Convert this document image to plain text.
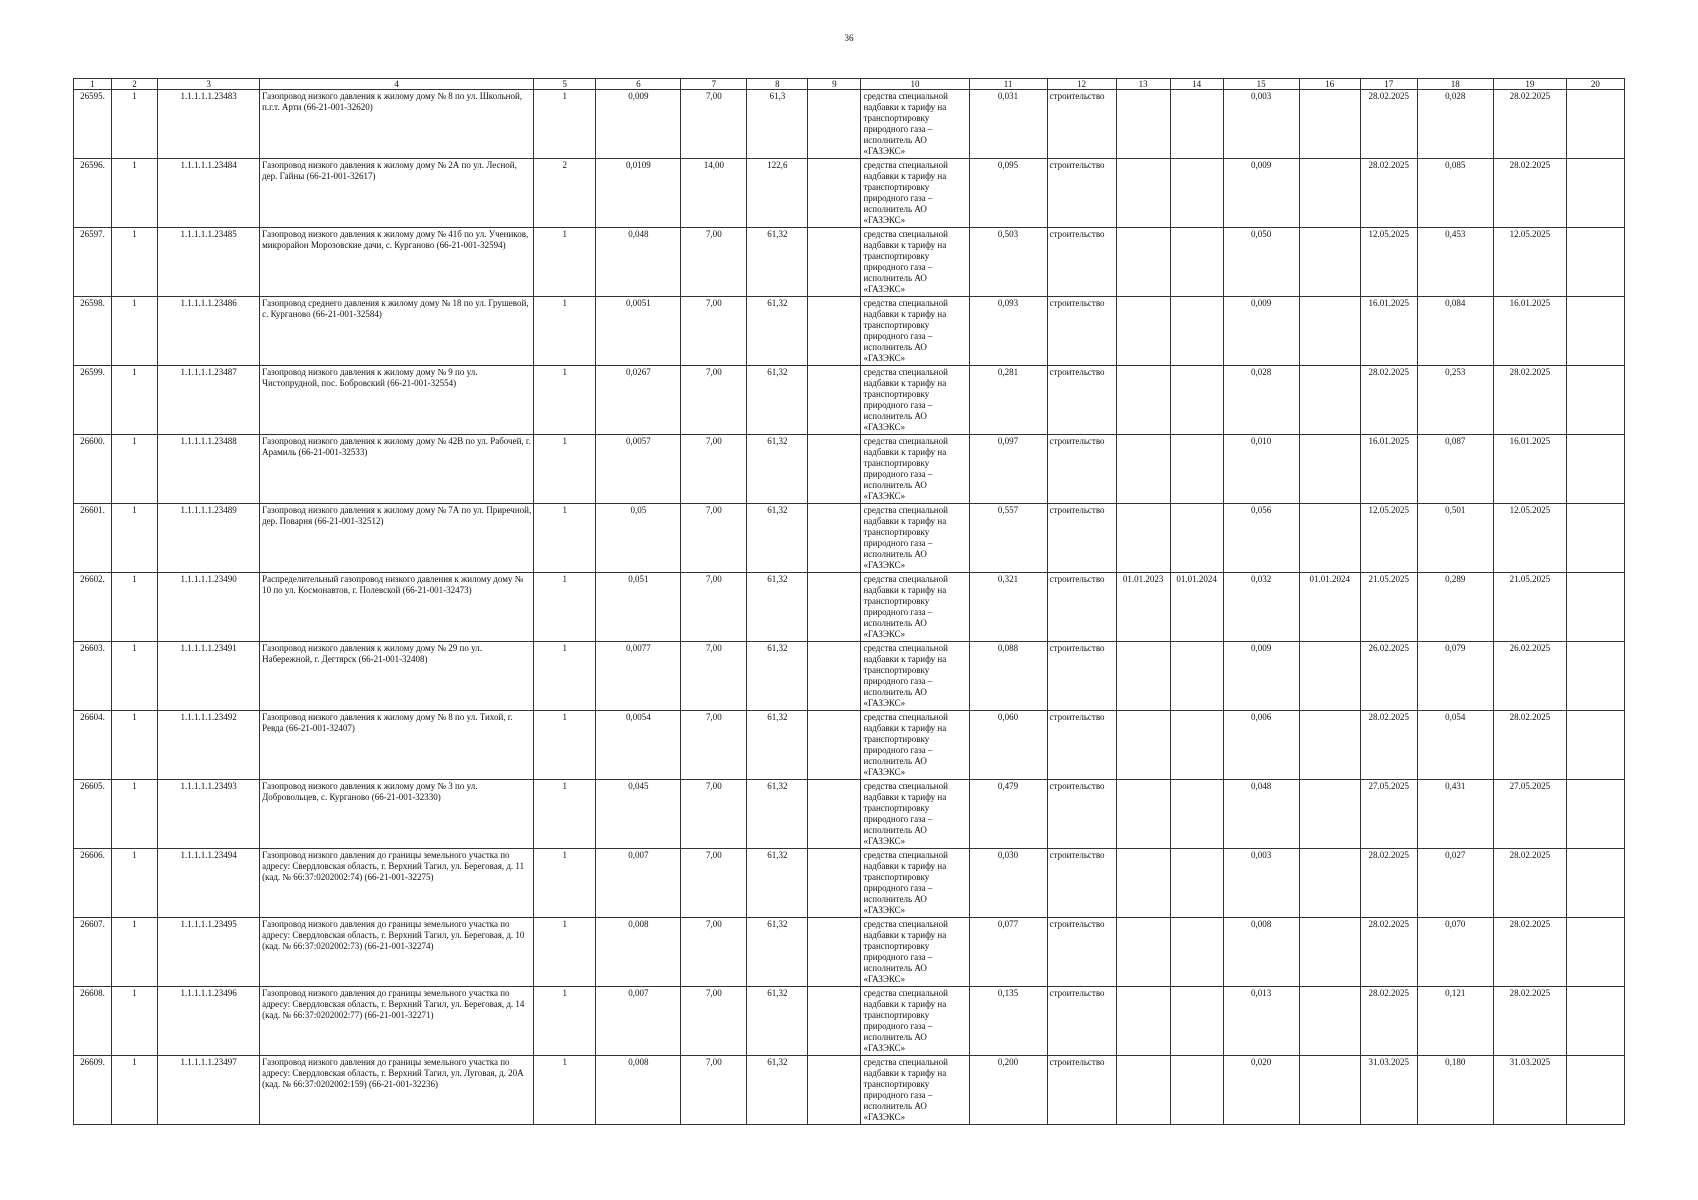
36
1	2	3	4	5	6	7	8	9	10	11	12	13	14	15	16	17	18	19	20
26595.	1	1.1.1.1.1.23483	Газопровод низкого давления к жилому дому № 8 по ул. Школьной, п.г.т. Арти (66-21-001-32620)	1	0,009	7,00	61,3		средства специальной надбавки к тарифу на транспортировку природного газа – исполнитель АО «ГАЗЭКС»	0,031	строительство			0,003		28.02.2025	0,028	28.02.2025	
26596.	1	1.1.1.1.1.23484	Газопровод низкого давления к жилому дому № 2А по ул. Лесной, дер. Гайны (66-21-001-32617)	2	0,0109	14,00	122,6		средства специальной надбавки к тарифу на транспортировку природного газа – исполнитель АО «ГАЗЭКС»	0,095	строительство			0,009		28.02.2025	0,085	28.02.2025	
26597.	1	1.1.1.1.1.23485	Газопровод низкого давления к жилому дому № 41б по ул. Учеников, микрорайон Морозовские дачи, с. Курганово (66-21-001-32594)	1	0,048	7,00	61,32		средства специальной надбавки к тарифу на транспортировку природного газа – исполнитель АО «ГАЗЭКС»	0,503	строительство			0,050		12.05.2025	0,453	12.05.2025	
26598.	1	1.1.1.1.1.23486	Газопровод среднего давления к жилому дому № 18 по ул. Грушевой, с. Курганово (66-21-001-32584)	1	0,0051	7,00	61,32		средства специальной надбавки к тарифу на транспортировку природного газа – исполнитель АО «ГАЗЭКС»	0,093	строительство			0,009		16.01.2025	0,084	16.01.2025	
26599.	1	1.1.1.1.1.23487	Газопровод низкого давления к жилому дому № 9 по ул. Чистопрудной, пос. Бобровский (66-21-001-32554)	1	0,0267	7,00	61,32		средства специальной надбавки к тарифу на транспортировку природного газа – исполнитель АО «ГАЗЭКС»	0,281	строительство			0,028		28.02.2025	0,253	28.02.2025	
26600.	1	1.1.1.1.1.23488	Газопровод низкого давления к жилому дому № 42В по ул. Рабочей, г. Арамиль (66-21-001-32533)	1	0,0057	7,00	61,32		средства специальной надбавки к тарифу на транспортировку природного газа – исполнитель АО «ГАЗЭКС»	0,097	строительство			0,010		16.01.2025	0,087	16.01.2025	
26601.	1	1.1.1.1.1.23489	Газопровод низкого давления к жилому дому № 7А по ул. Приречной, дер. Поварня (66-21-001-32512)	1	0,05	7,00	61,32		средства специальной надбавки к тарифу на транспортировку природного газа – исполнитель АО «ГАЗЭКС»	0,557	строительство			0,056		12.05.2025	0,501	12.05.2025	
26602.	1	1.1.1.1.1.23490	Распределительный газопровод низкого давления к жилому дому № 10 по ул. Космонавтов, г. Полевской (66-21-001-32473)	1	0,051	7,00	61,32		средства специальной надбавки к тарифу на транспортировку природного газа – исполнитель АО «ГАЗЭКС»	0,321	строительство	01.01.2023	01.01.2024	0,032	01.01.2024	21.05.2025	0,289	21.05.2025	
26603.	1	1.1.1.1.1.23491	Газопровод низкого давления к жилому дому № 29 по ул. Набережной, г. Дегтярск (66-21-001-32408)	1	0,0077	7,00	61,32		средства специальной надбавки к тарифу на транспортировку природного газа – исполнитель АО «ГАЗЭКС»	0,088	строительство			0,009		26.02.2025	0,079	26.02.2025	
26604.	1	1.1.1.1.1.23492	Газопровод низкого давления к жилому дому № 8 по ул. Тихой, г. Ревда (66-21-001-32407)	1	0,0054	7,00	61,32		средства специальной надбавки к тарифу на транспортировку природного газа – исполнитель АО «ГАЗЭКС»	0,060	строительство			0,006		28.02.2025	0,054	28.02.2025	
26605.	1	1.1.1.1.1.23493	Газопровод низкого давления к жилому дому № 3 по ул. Добровольцев, с. Курганово (66-21-001-32330)	1	0,045	7,00	61,32		средства специальной надбавки к тарифу на транспортировку природного газа – исполнитель АО «ГАЗЭКС»	0,479	строительство			0,048		27.05.2025	0,431	27.05.2025	
26606.	1	1.1.1.1.1.23494	Газопровод низкого давления до границы земельного участка по адресу: Свердловская область, г. Верхний Тагил, ул. Береговая, д. 11 (кад. № 66:37:0202002:74) (66-21-001-32275)	1	0,007	7,00	61,32		средства специальной надбавки к тарифу на транспортировку природного газа – исполнитель АО «ГАЗЭКС»	0,030	строительство			0,003		28.02.2025	0,027	28.02.2025	
26607.	1	1.1.1.1.1.23495	Газопровод низкого давления до границы земельного участка по адресу: Свердловская область, г. Верхний Тагил, ул. Береговая, д. 10 (кад. № 66:37:0202002:73) (66-21-001-32274)	1	0,008	7,00	61,32		средства специальной надбавки к тарифу на транспортировку природного газа – исполнитель АО «ГАЗЭКС»	0,077	строительство			0,008		28.02.2025	0,070	28.02.2025	
26608.	1	1.1.1.1.1.23496	Газопровод низкого давления до границы земельного участка по адресу: Свердловская область, г. Верхний Тагил, ул. Береговая, д. 14 (кад. № 66:37:0202002:77) (66-21-001-32271)	1	0,007	7,00	61,32		средства специальной надбавки к тарифу на транспортировку природного газа – исполнитель АО «ГАЗЭКС»	0,135	строительство			0,013		28.02.2025	0,121	28.02.2025	
26609.	1	1.1.1.1.1.23497	Газопровод низкого давления до границы земельного участка по адресу: Свердловская область, г. Верхний Тагил, ул. Луговая, д. 20А (кад. № 66:37:0202002:159) (66-21-001-32236)	1	0,008	7,00	61,32		средства специальной надбавки к тарифу на транспортировку природного газа – исполнитель АО «ГАЗЭКС»	0,200	строительство			0,020		31.03.2025	0,180	31.03.2025	
